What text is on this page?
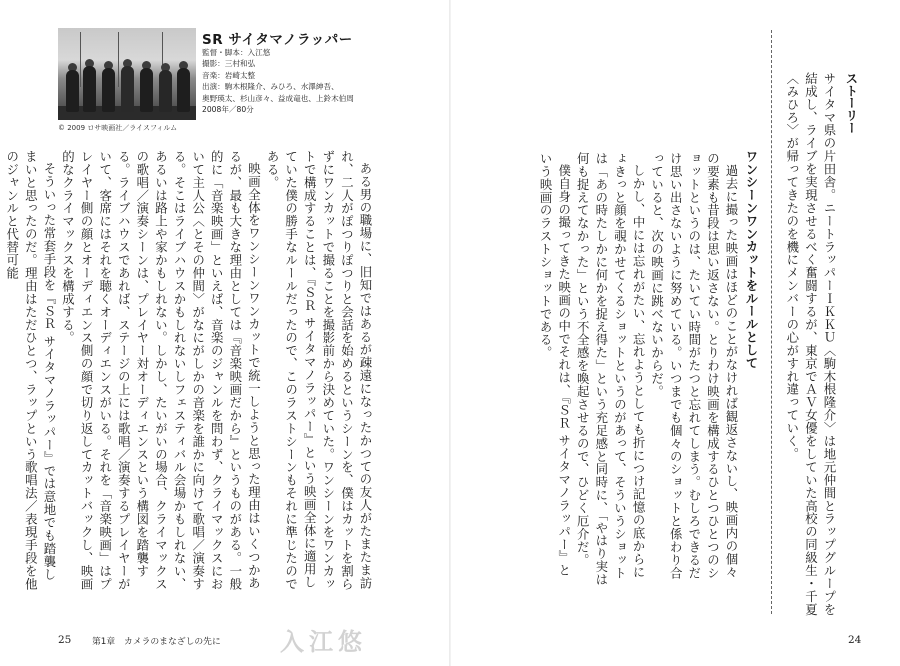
© 2009 ロサ映画社／ライスフィルム
SR サイタマノラッパー
監督・脚本：入江悠
撮影：三村和弘
音楽：岩崎太整
出演：駒木根隆介、みひろ、水澤紳吾、
奥野瑛太、杉山彦々、益成竜也、上鈴木伯周
2008年／80分

ある男の職場に、旧知ではあるが疎遠になったかつての友人がたまたま訪れ、二人がぽつりぽつりと会話を始めるというシーンを、僕はカットを割らずにワンカットで撮ることを撮影前から決めていた。ワンシーンをワンカットで構成することは、『ＳＲ サイタマノラッパー』という映画全体に適用していた僕の勝手なルールだったので、このラストシーンもそれに準じたのである。

映画全体をワンシーンワンカットで統一しようと思った理由はいくつかあるが、最も大きな理由としては『音楽映画だから』というものがある。一般的に「音楽映画」といえば、音楽のジャンルを問わず、クライマックスにおいて主人公〈とその仲間〉がなにがしかの音楽を誰かに向けて歌唱／演奏する。そこはライブハウスかもしれないしフェスティバル会場かもしれない、あるいは路上や家かもしれない。しかし、たいがいの場合、クライマックスの歌唱／演奏シーンは、プレイヤー対オーディエンスという構図を踏襲する。ライブハウスであれば、ステージの上には歌唱／演奏するプレイヤーがいて、客席にはそれを聴くオーディエンスがいる。それを「音楽映画」はプレイヤー側の顔とオーディエンス側の顔で切り返してカットバックし、映画的なクライマックスを構成する。

そういった常套手段を『ＳＲ サイタマノラッパー』では意地でも踏襲しまいと思ったのだ。理由はただひとつ、ラップという歌唱法／表現手段を他のジャンルと代替可能

ストーリー

サイタマ県の片田舎。ニートラッパーＩＫＫＵ〈駒木根隆介〉は地元仲間とラップグループを結成し、ライブを実現させるべく奮闘するが、東京でＡＶ女優をしていた高校の同級生・千夏〈みひろ〉が帰ってきたのを機にメンバーの心がすれ違っていく。

ワンシーンワンカットをルールとして

過去に撮った映画はほどのことがなければ観返さないし、映画内の個々の要素も昔段は思い返さない。とりわけ映画を構成するひとつひとつのショットというのは、たいてい時間がたつと忘れてしまう。むしろできるだけ思い出さないように努めている。いつまでも個々のショットと係わり合っていると、次の映画に跳べないからだ。

しかし、中には忘れがたい、忘れようとしても折につけ記憶の底からにょきっと顔を覗かせてくるショットというのがあって、そういうショットは「あの時たしかに何かを捉え得た」という充足感と同時に、「やはり実は何も捉えてなかった」という不全感を喚起させるので、ひどく厄介だ。

僕自身の撮ってきた映画の中でそれは、『ＳＲ サイタマノラッパー』という映画のラストショットである。

25 第1章　カメラのまなざしの先に 入江悠	24
